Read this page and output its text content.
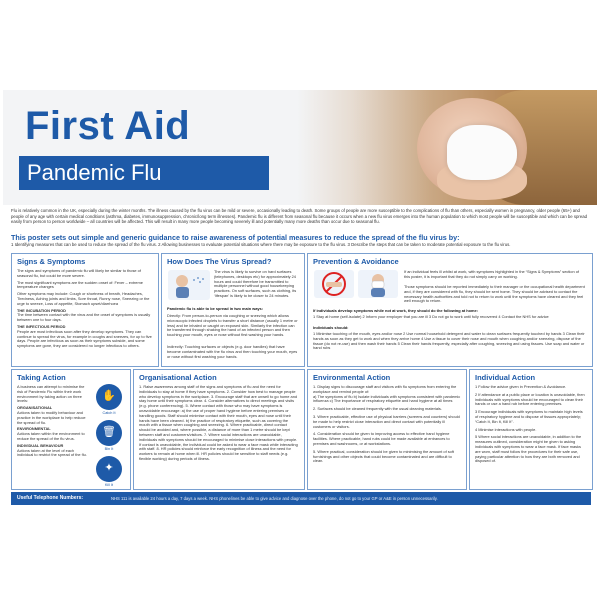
First Aid
Pandemic Flu
Flu is relatively common in the UK, especially during the winter months. The illness caused by the flu virus can be mild or severe, occasionally leading to death. Some groups of people are more susceptible to the complications of flu than others, especially women in pregnancy, older people (65+) and people of any age with certain medical conditions (asthma, diabetes, immunosuppression, chronic/long term illnesses). Pandemic flu is different from seasonal flu because it occurs when a new flu virus emerges into the human population to which most people will be susceptible and which can be spread easily from person to person worldwide – all countries will be affected. This will result in many more people becoming severely ill and potentially many more deaths than occur due to seasonal flu.
This poster sets out simple and generic guidance to raise awareness of potential measures to reduce the spread of the flu virus by:
1 Identifying measures that can be used to reduce the spread of the flu virus. 2 Allowing businesses to evaluate potential situations where there may be exposure to the flu virus. 3 Describe the steps that can be taken to moderate potential exposure to the flu virus.
Signs & Symptoms

The signs and symptoms of pandemic flu will likely be similar to those of seasonal flu, but could be more severe.

The most significant symptoms are the sudden onset of: Fever – extreme temperature changes

Other symptoms may include: Cough or shortness of breath, Headaches, Tiredness, Aching joints and limbs, Sore throat, Runny nose, Sneezing or the urge to sneeze, Loss of appetite, Stomach upset/diarrhoea

THE INCUBATION PERIOD

The time between contact with the virus and the onset of symptoms is usually between one to four days.

THE INFECTIOUS PERIOD

People are most infectious soon after they develop symptoms. They can continue to spread the virus, for example in coughs and sneezes, for up to five days. People are infectious as soon as their symptoms subside, and some symptoms are gone, they are considered no longer infectious to others.

How Does The Virus Spread?
The virus is likely to survive on hard surfaces (telephones, desktops etc) for approximately 24 hours and could therefore be transmitted to multiple personnel without good housekeeping practices. On soft surfaces, such as clothing, its ‘lifespan’ is likely to be closer to 24 minutes.
Pandemic flu is able to be spread in two main ways:
Directly: From person-to-person via coughing or sneezing which allows microscopic infected droplets to transfer a short distance (usually 1 metre or less) and be inhaled or caught on exposed skin. Similarly the infection can be transferred through shaking the hand of an infected person and then touching your mouth, eyes or nose without first washing your hands.
Indirectly: Touching surfaces or objects (e.g. door handles) that have become contaminated with the flu virus and then touching your mouth, eyes or nose without first washing your hands.
Prevention & Avoidance
If an individual feels ill whilst at work, with symptoms highlighted in the “Signs & Symptoms” section of this poster, it is important that they do not simply carry on working.
Those symptoms should be reported immediately to their manager or the occupational health department and, if they are considered with flu, they should be sent home. They should be advised to contact the necessary health authorities and told not to return to work until the symptoms have cleared and they feel well enough to return.
If individuals develop symptoms while not at work, they should do the following at home:
1 Stay at home (self-isolate) 2 Inform your employer that you are ill 3 Do not go to work until fully recovered 4 Contact the NHS for advice
Individuals should:
1 Minimise touching of the mouth, eyes and/or nose 2 Use normal household detergent and water to clean surfaces frequently touched by hands 3 Clean their hands as soon as they get to work and when they arrive home 4 Use a tissue to cover their nose and mouth when coughing and/or sneezing, dispose of the tissue (do not re-use) and then wash their hands 5 Clean their hands frequently, especially after coughing, sneezing and using tissues. Use soap and water or hand rubs
Taking Action

A business can attempt to minimise the risk of Pandemic Flu within their work environment by taking action on three levels:

ORGANISATIONAL

Actions taken to modify behaviour and practice in the workplace to help reduce the spread of flu.

ENVIRONMENTAL

Actions taken within the environment to reduce the spread of the flu virus.

INDIVIDUAL BEHAVIOUR

Actions taken at the level of each individual to restrict the spread of the flu.

✋
Catch It
🗑
Bin It
✦
Kill It
Organisational Action
1. Raise awareness among staff of the signs and symptoms of flu and the need for individuals to stay at home if they have symptoms. 2. Consider how best to manage people who develop symptoms in the workplace. 3. Encourage staff that are unwell to go home and stay home until their symptoms clear. 4. Consider alternatives to direct meetings and visits (e.g. phone conferencing). 5. Where contact with those who may have symptoms is unavoidable encourage: a) the use of proper hand hygiene before entering premises or handling goods. Staff should minimise contact with their mouth, eyes and nose until their hands have been cleaned. b) the practice of respiratory etiquette, such as covering the mouth with a tissue when coughing and sneezing. 6. Where practicable, direct contact should be avoided and, where possible, a distance of more than 1 metre should be kept between staff and customers/visitors. 7. Where social interactions are unavoidable, individuals with symptoms should be encouraged to minimise close interactions with people. If contact is unavoidable, the individual could be asked to wear a face mask while interacting with staff. 8. HR policies should reinforce the early recognition of illness and the need for workers to remain at home when ill. HR policies should be sensitive to staff needs (e.g. flexible working) during periods of illness.
Environmental Action

1. Display signs to discourage staff and visitors with flu symptoms from entering the workplace and remind people of:

a) The symptoms of flu b) Isolate individuals with symptoms consistent with pandemic influenza c) The importance of respiratory etiquette and hand hygiene at all times

2. Surfaces should be cleaned frequently with the usual cleaning materials.

3. Where practicable, effective use of physical barriers (screens and counters) should be made to help restrict close interaction and direct contact with potentially ill customers or visitors.

4. Consideration should be given to improving access to effective hand hygiene facilities. Where practicable, hand rubs could be made available at entrances to premises and washrooms, or at workstations.

5. Where practical, consideration should be given to minimising the amount of soft furnishings and other objects that could become contaminated and are difficult to clean.

Individual Action

1 Follow the advice given in Prevention & Avoidance.

2 If attendance at a public place or location is unavoidable, then individuals with symptoms should be encouraged to clean their hands or use a hand rub before entering premises.

3 Encourage individuals with symptoms to maintain high levels of respiratory hygiene and to dispose of tissues appropriately; “Catch It, Bin It, Kill It”.

4 Minimise interactions with people.

5 Where social interactions are unavoidable, in addition to the measures outlined, consideration might be given to asking individuals with symptoms to wear a face mask. If face masks are worn, staff must follow the procedures for their safe use, paying particular attention to how they are both removed and disposed of.

Useful Telephone Numbers:	NHS 111 is available 24 hours a day, 7 days a week. NHS phonelines be able to give advice and diagnose over the phone, do not go to your GP or A&E in person unnecessarily.
